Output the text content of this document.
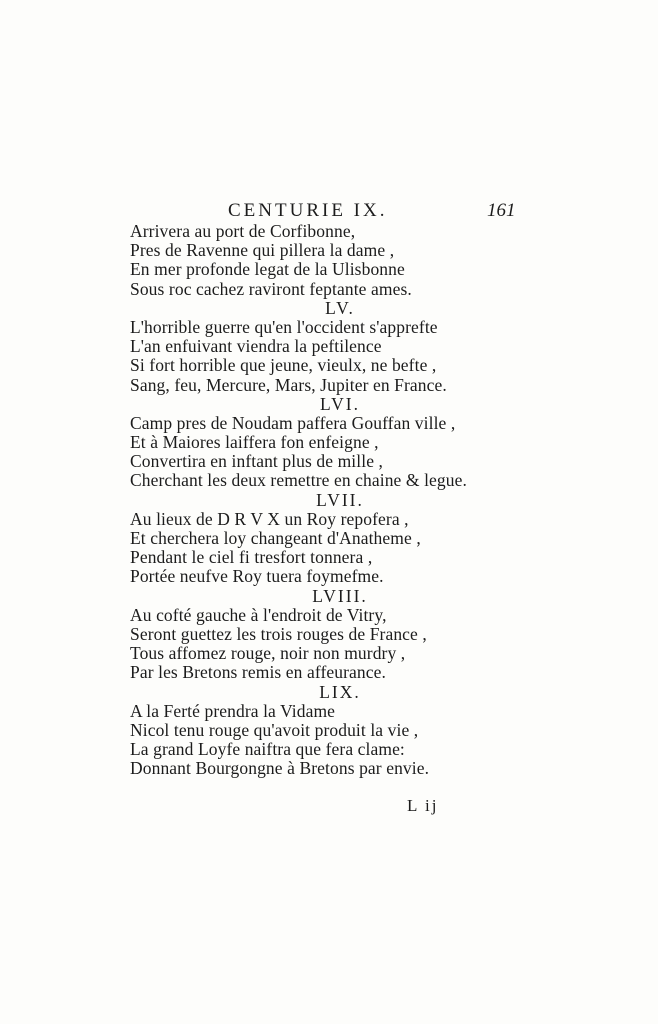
CENTURIE IX.	161
Arrivera au port de Corfibonne,
Pres de Ravenne qui pillera la dame ,
En mer profonde legat de la Ulisbonne
Sous roc cachez raviront feptante ames.
LV.
L'horrible guerre qu'en l'occident s'apprefte
L'an enfuivant viendra la peftilence
Si fort horrible que jeune, vieulx, ne befte ,
Sang, feu, Mercure, Mars, Jupiter en France.
LVI.
Camp pres de Noudam paffera Gouffan ville ,
Et à Maiores laiffera fon enfeigne ,
Convertira en inftant plus de mille ,
Cherchant les deux remettre en chaine & legue.
LVII.
Au lieux de D R V X un Roy repofera ,
Et cherchera loy changeant d'Anatheme ,
Pendant le ciel fi tresfort tonnera ,
Portée neufve Roy tuera foymefme.
LVIII.
Au cofté gauche à l'endroit de Vitry,
Seront guettez les trois rouges de France ,
Tous affomez rouge, noir non murdry ,
Par les Bretons remis en affeurance.
LIX.
A la Ferté prendra la Vidame
Nicol tenu rouge qu'avoit produit la vie ,
La grand Loyfe naiftra que fera clame:
Donnant Bourgongne à Bretons par envie.
L ij
